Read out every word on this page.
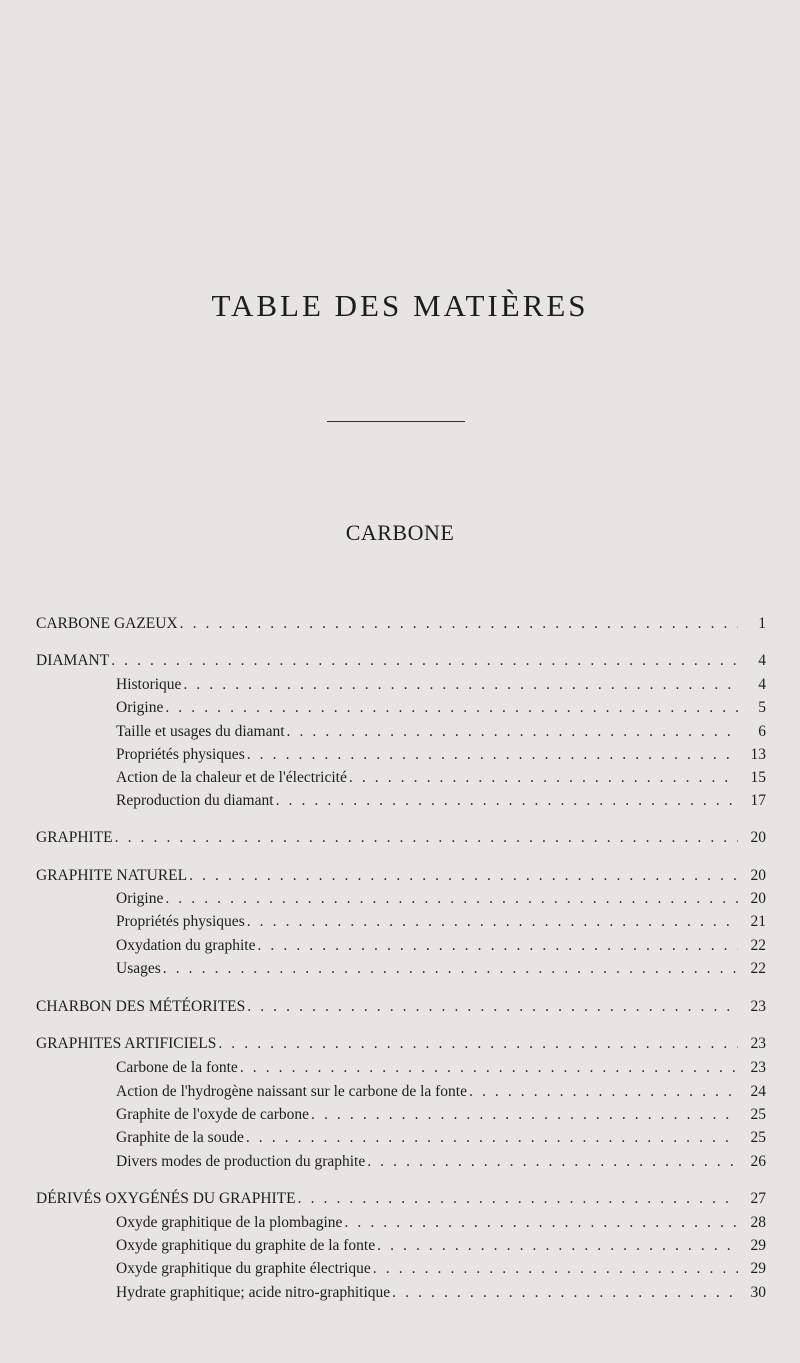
TABLE DES MATIÈRES
CARBONE
CARBONE GAZEUX . . .	1
DIAMANT . . .	4
Historique . . .	4
Origine . . .	5
Taille et usages du diamant . . .	6
Propriétés physiques . . .	13
Action de la chaleur et de l'électricité . . .	15
Reproduction du diamant . . .	17
GRAPHITE . . .	20
GRAPHITE NATUREL . . .	20
Origine . . .	20
Propriétés physiques . . .	21
Oxydation du graphite . . .	22
Usages . . .	22
CHARBON DES MÉTÉORITES . . .	23
GRAPHITES ARTIFICIELS . . .	23
Carbone de la fonte . . .	23
Action de l'hydrogène naissant sur le carbone de la fonte . . .	24
Graphite de l'oxyde de carbone . . .	25
Graphite de la soude . . .	25
Divers modes de production du graphite . . .	26
DÉRIVÉS OXYGÉNÉS DU GRAPHITE . . .	27
Oxyde graphitique de la plombagine . . .	28
Oxyde graphitique du graphite de la fonte . . .	29
Oxyde graphitique du graphite électrique . . .	29
Hydrate graphitique; acide nitro-graphitique . . .	30
